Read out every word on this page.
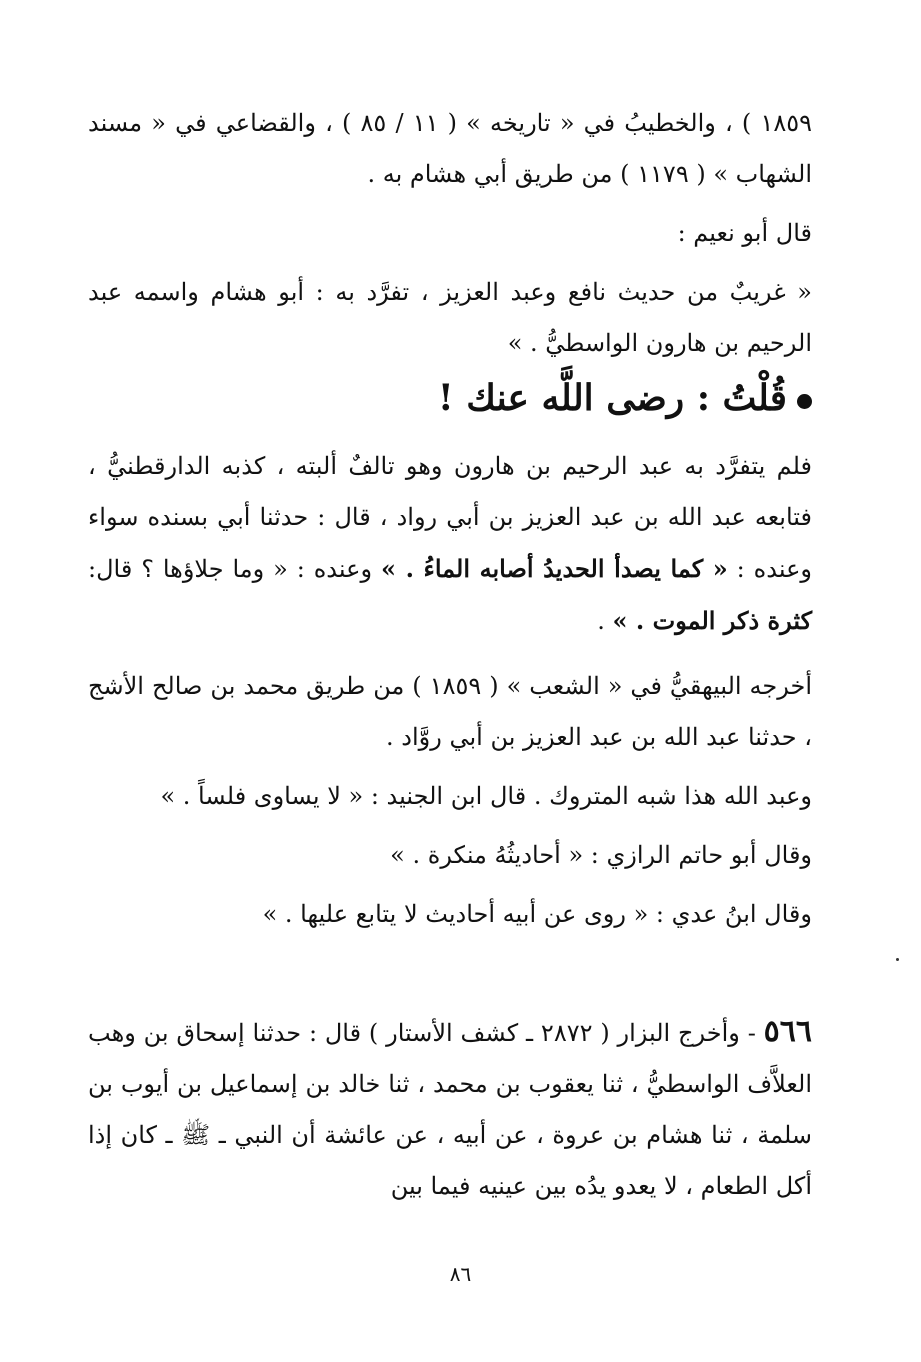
١٨٥٩ ) ، والخطيبُ في « تاريخه » ( ١١ / ٨٥ ) ، والقضاعي في « مسند الشهاب » ( ١١٧٩ ) من طريق أبي هشام به .

قال أبو نعيم :

« غريبٌ من حديث نافع وعبد العزيز ، تفرَّد به : أبو هشام واسمه عبد الرحيم بن هارون الواسطيُّ . »

قُلْتُ : رضى اللَّه عنك !

فلم يتفرَّد به عبد الرحيم بن هارون وهو تالفٌ ألبته ، كذبه الدارقطنيُّ ، فتابعه عبد الله بن عبد العزيز بن أبي رواد ، قال : حدثنا أبي بسنده سواء وعنده : « كما يصدأ الحديدُ أصابه الماءُ . » وعنده : « وما جلاؤها ؟ قال: كثرة ذكر الموت . » .

أخرجه البيهقيُّ في « الشعب » ( ١٨٥٩ ) من طريق محمد بن صالح الأشج ، حدثنا عبد الله بن عبد العزيز بن أبي روَّاد .

وعبد الله هذا شبه المتروك . قال ابن الجنيد : « لا يساوى فلساً . »

وقال أبو حاتم الرازي : « أحاديثُهُ منكرة . »

وقال ابنُ عدي : « روى عن أبيه أحاديث لا يتابع عليها . »

٥٦٦ - وأخرج البزار ( ٢٨٧٢ ـ كشف الأستار ) قال : حدثنا إسحاق بن وهب العلاَّف الواسطيُّ ، ثنا يعقوب بن محمد ، ثنا خالد بن إسماعيل بن أيوب بن سلمة ، ثنا هشام بن عروة ، عن أبيه ، عن عائشة أن النبي ـ ﷺ ـ كان إذا أكل الطعام ، لا يعدو يدُه بين عينيه فيما بين

٨٦
